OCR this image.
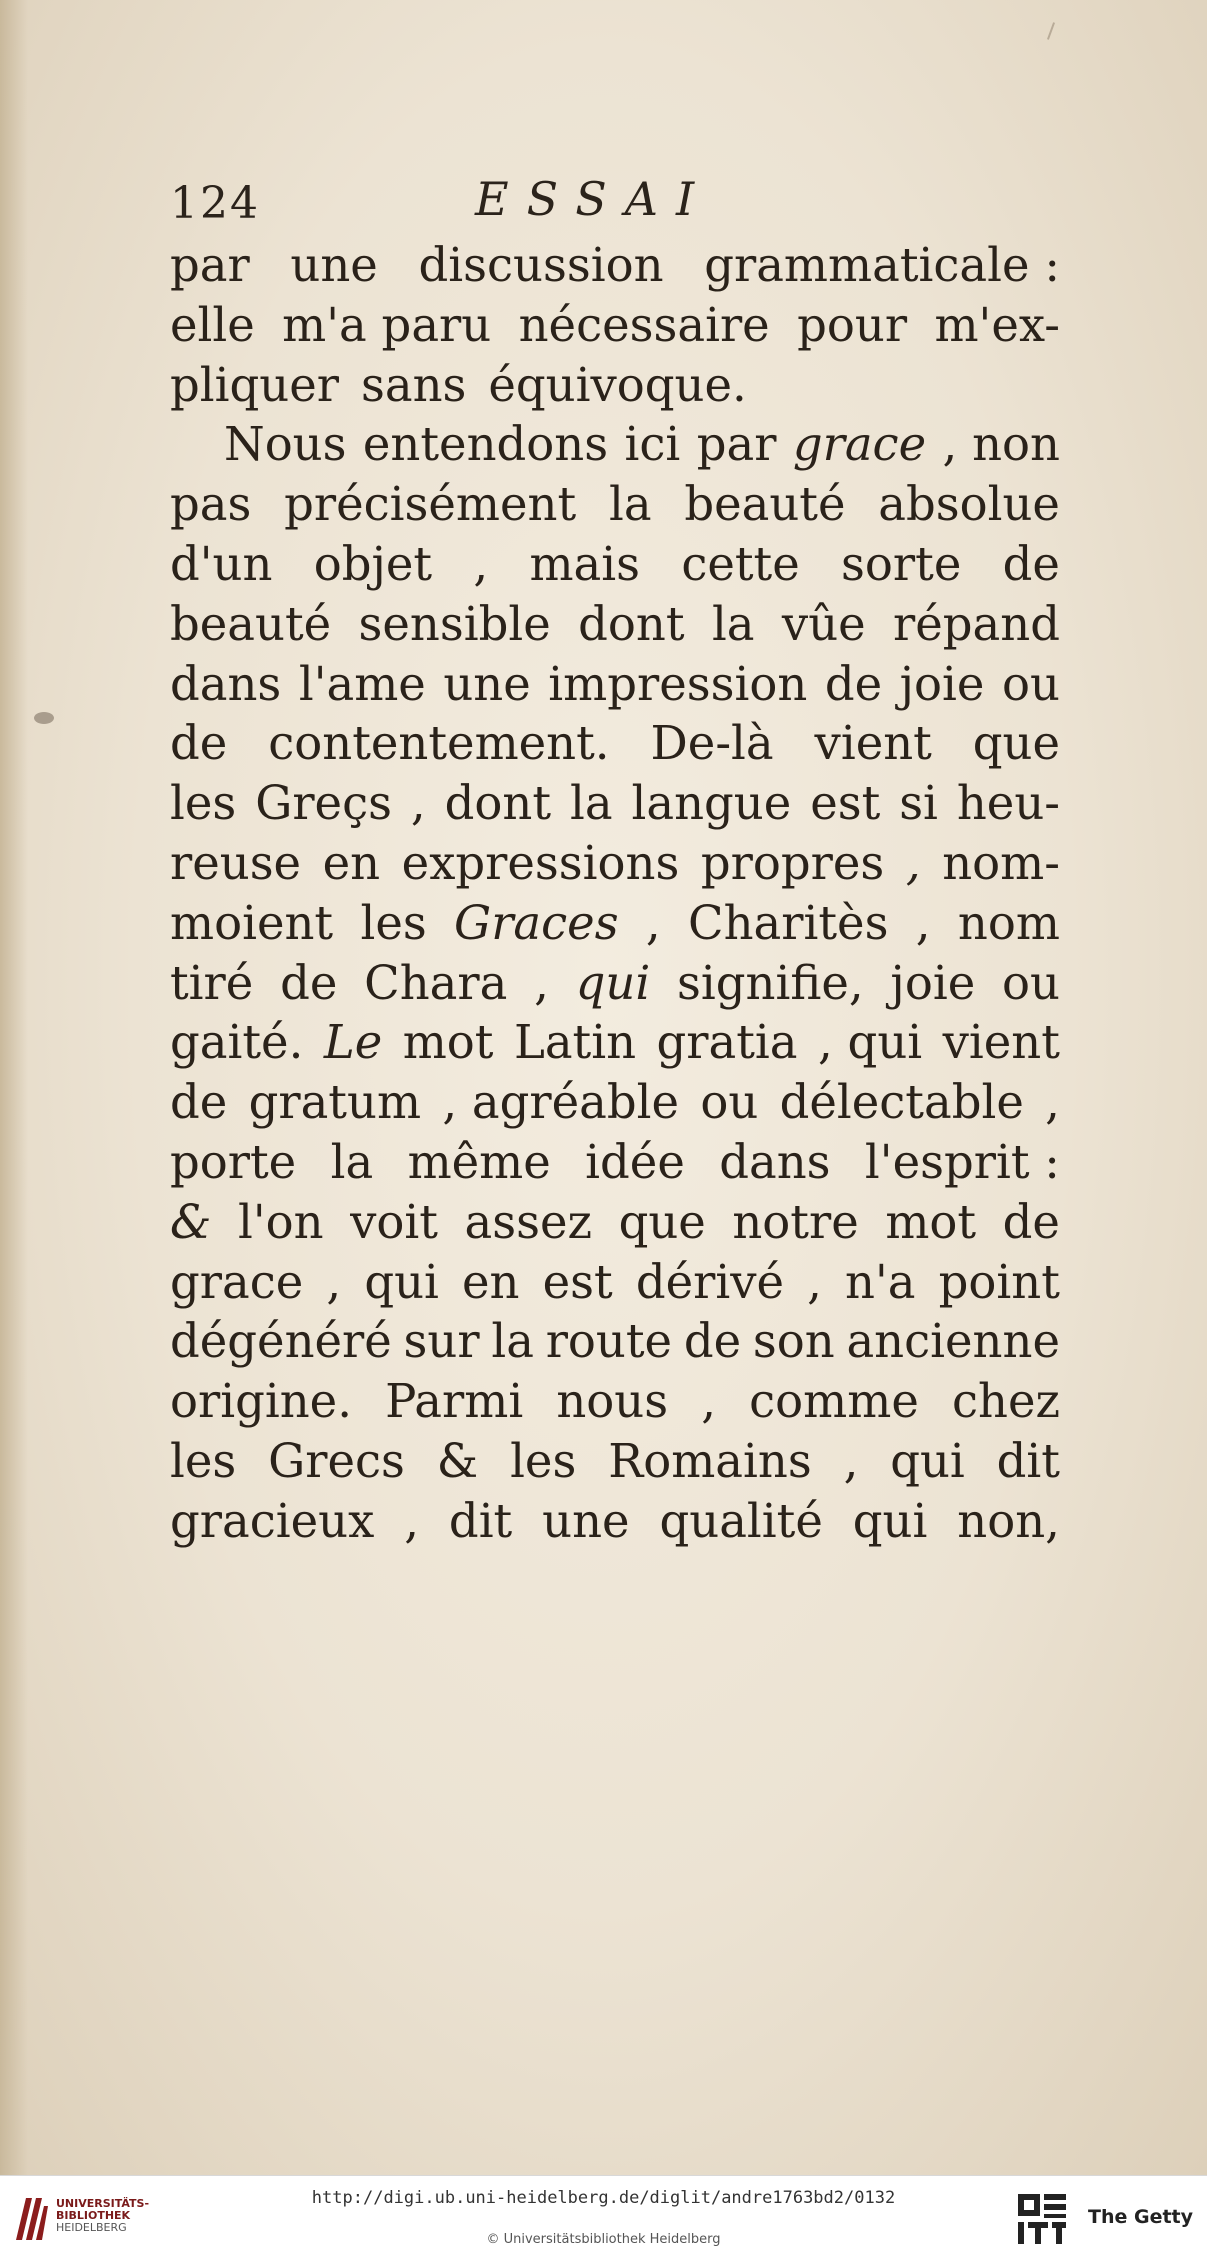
124	ESSAI
par une discussion grammaticale :
elle m'a paru nécessaire pour m'ex-
pliquer sans équivoque.
Nous entendons ici par grace , non
pas précisément la beauté absolue
d'un objet , mais cette sorte de
beauté sensible dont la vûe répand
dans l'ame une impression de joie ou
de contentement. De-là vient que
les Greçs , dont la langue est si heu-
reuse en expressions propres , nom-
moient les Graces , Charitès , nom
tiré de Chara , qui signifie, joie ou
gaité. Le mot Latin gratia , qui vient
de gratum , agréable ou délectable ,
porte la même idée dans l'esprit :
& l'on voit assez que notre mot de
grace , qui en est dérivé , n'a point
dégénéré sur la route de son ancienne
origine. Parmi nous , comme chez
les Grecs & les Romains , qui dit
gracieux , dit une qualité qui non,
UNIVERSITÄTS-
BIBLIOTHEK
HEIDELBERG
http://digi.ub.uni-heidelberg.de/diglit/andre1763bd2/0132
© Universitätsbibliothek Heidelberg
The Getty
